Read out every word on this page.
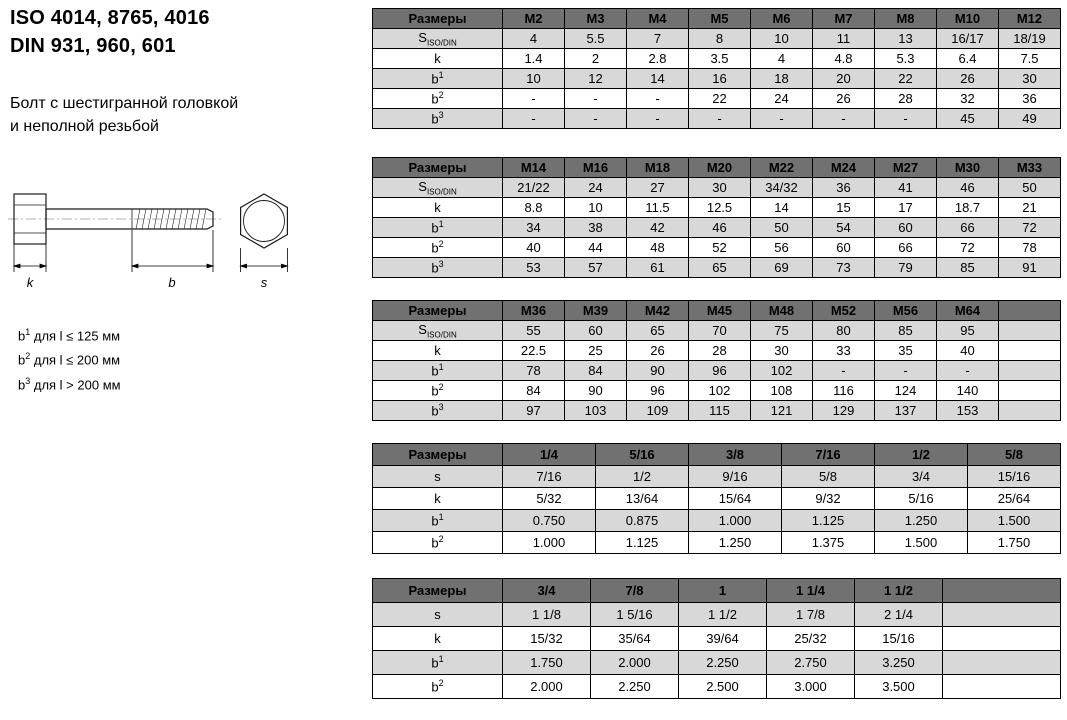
ISO 4014, 8765, 4016
DIN 931, 960, 601
Болт с шестигранной головкой
и неполной резьбой
k	b	s
$b^1$ для l ≤ 125 мм
$b^2$ для l ≤ 200 мм
$b^3$ для l > 200 мм
Размеры	M2	M3	M4	M5	M6	M7	M8	M10	M12
$S_{ISO/DIN}$	4	5.5	7	8	10	11	13	16/17	18/19
k	1.4	2	2.8	3.5	4	4.8	5.3	6.4	7.5
$b^1$	10	12	14	16	18	20	22	26	30
$b^2$	-	-	-	22	24	26	28	32	36
$b^3$	-	-	-	-	-	-	-	45	49
Размеры	M14	M16	M18	M20	M22	M24	M27	M30	M33
$S_{ISO/DIN}$	21/22	24	27	30	34/32	36	41	46	50
k	8.8	10	11.5	12.5	14	15	17	18.7	21
$b^1$	34	38	42	46	50	54	60	66	72
$b^2$	40	44	48	52	56	60	66	72	78
$b^3$	53	57	61	65	69	73	79	85	91
Размеры	M36	M39	M42	M45	M48	M52	M56	M64	
$S_{ISO/DIN}$	55	60	65	70	75	80	85	95	
k	22.5	25	26	28	30	33	35	40	
$b^1$	78	84	90	96	102	-	-	-	
$b^2$	84	90	96	102	108	116	124	140	
$b^3$	97	103	109	115	121	129	137	153	
Размеры	1/4	5/16	3/8	7/16	1/2	5/8
s	7/16	1/2	9/16	5/8	3/4	15/16
k	5/32	13/64	15/64	9/32	5/16	25/64
$b^1$	0.750	0.875	1.000	1.125	1.250	1.500
$b^2$	1.000	1.125	1.250	1.375	1.500	1.750
Размеры	3/4	7/8	1	1 1/4	1 1/2	
s	1 1/8	1 5/16	1 1/2	1 7/8	2 1/4	
k	15/32	35/64	39/64	25/32	15/16	
$b^1$	1.750	2.000	2.250	2.750	3.250	
$b^2$	2.000	2.250	2.500	3.000	3.500	
